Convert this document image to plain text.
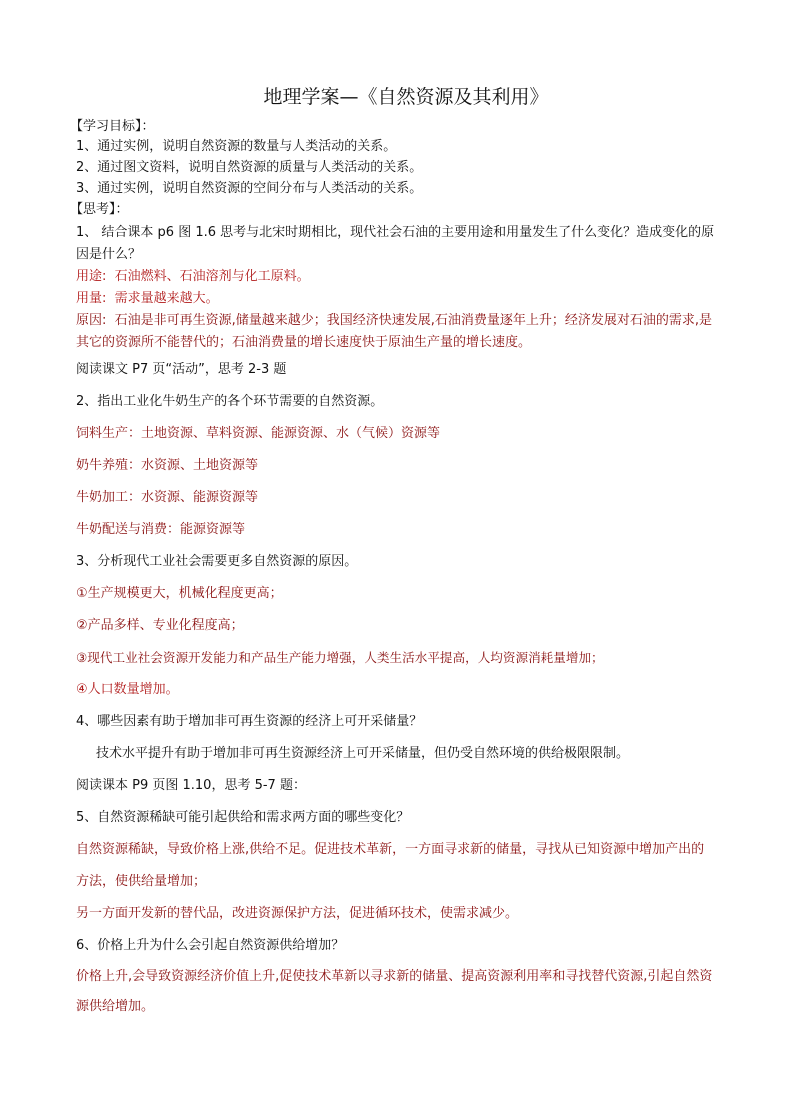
地理学案—《自然资源及其利用》
【学习目标】：
1、通过实例，说明自然资源的数量与人类活动的关系。
2、通过图文资料，说明自然资源的质量与人类活动的关系。
3、通过实例，说明自然资源的空间分布与人类活动的关系。
【思考】：
1、 结合课本 p6 图 1.6 思考与北宋时期相比，现代社会石油的主要用途和用量发生了什么变化？造成变化的原因是什么？
用途: 石油燃料、石油溶剂与化工原料。
用量: 需求量越来越大。
原因: 石油是非可再生资源,储量越来越少；我国经济快速发展,石油消费量逐年上升；经济发展对石油的需求,是其它的资源所不能替代的；石油消费量的增长速度快于原油生产量的增长速度。
阅读课文 P7 页“活动”，思考 2-3 题
2、指出工业化牛奶生产的各个环节需要的自然资源。
饲料生产：土地资源、草料资源、能源资源、水（气候）资源等
奶牛养殖：水资源、土地资源等
牛奶加工：水资源、能源资源等
牛奶配送与消费：能源资源等
3、分析现代工业社会需要更多自然资源的原因。
①生产规模更大，机械化程度更高；
②产品多样、专业化程度高；
③现代工业社会资源开发能力和产品生产能力增强，人类生活水平提高，人均资源消耗量增加；
④人口数量增加。
4、哪些因素有助于增加非可再生资源的经济上可开采储量？
技术水平提升有助于增加非可再生资源经济上可开采储量，但仍受自然环境的供给极限限制。
阅读课本 P9 页图 1.10，思考 5-7 题：
5、自然资源稀缺可能引起供给和需求两方面的哪些变化？
自然资源稀缺，导致价格上涨,供给不足。促进技术革新，一方面寻求新的储量，寻找从已知资源中增加产出的方法，使供给量增加；
另一方面开发新的替代品，改进资源保护方法，促进循环技术，使需求减少。
6、价格上升为什么会引起自然资源供给增加？
价格上升,会导致资源经济价值上升,促使技术革新以寻求新的储量、提高资源利用率和寻找替代资源,引起自然资源供给增加。
